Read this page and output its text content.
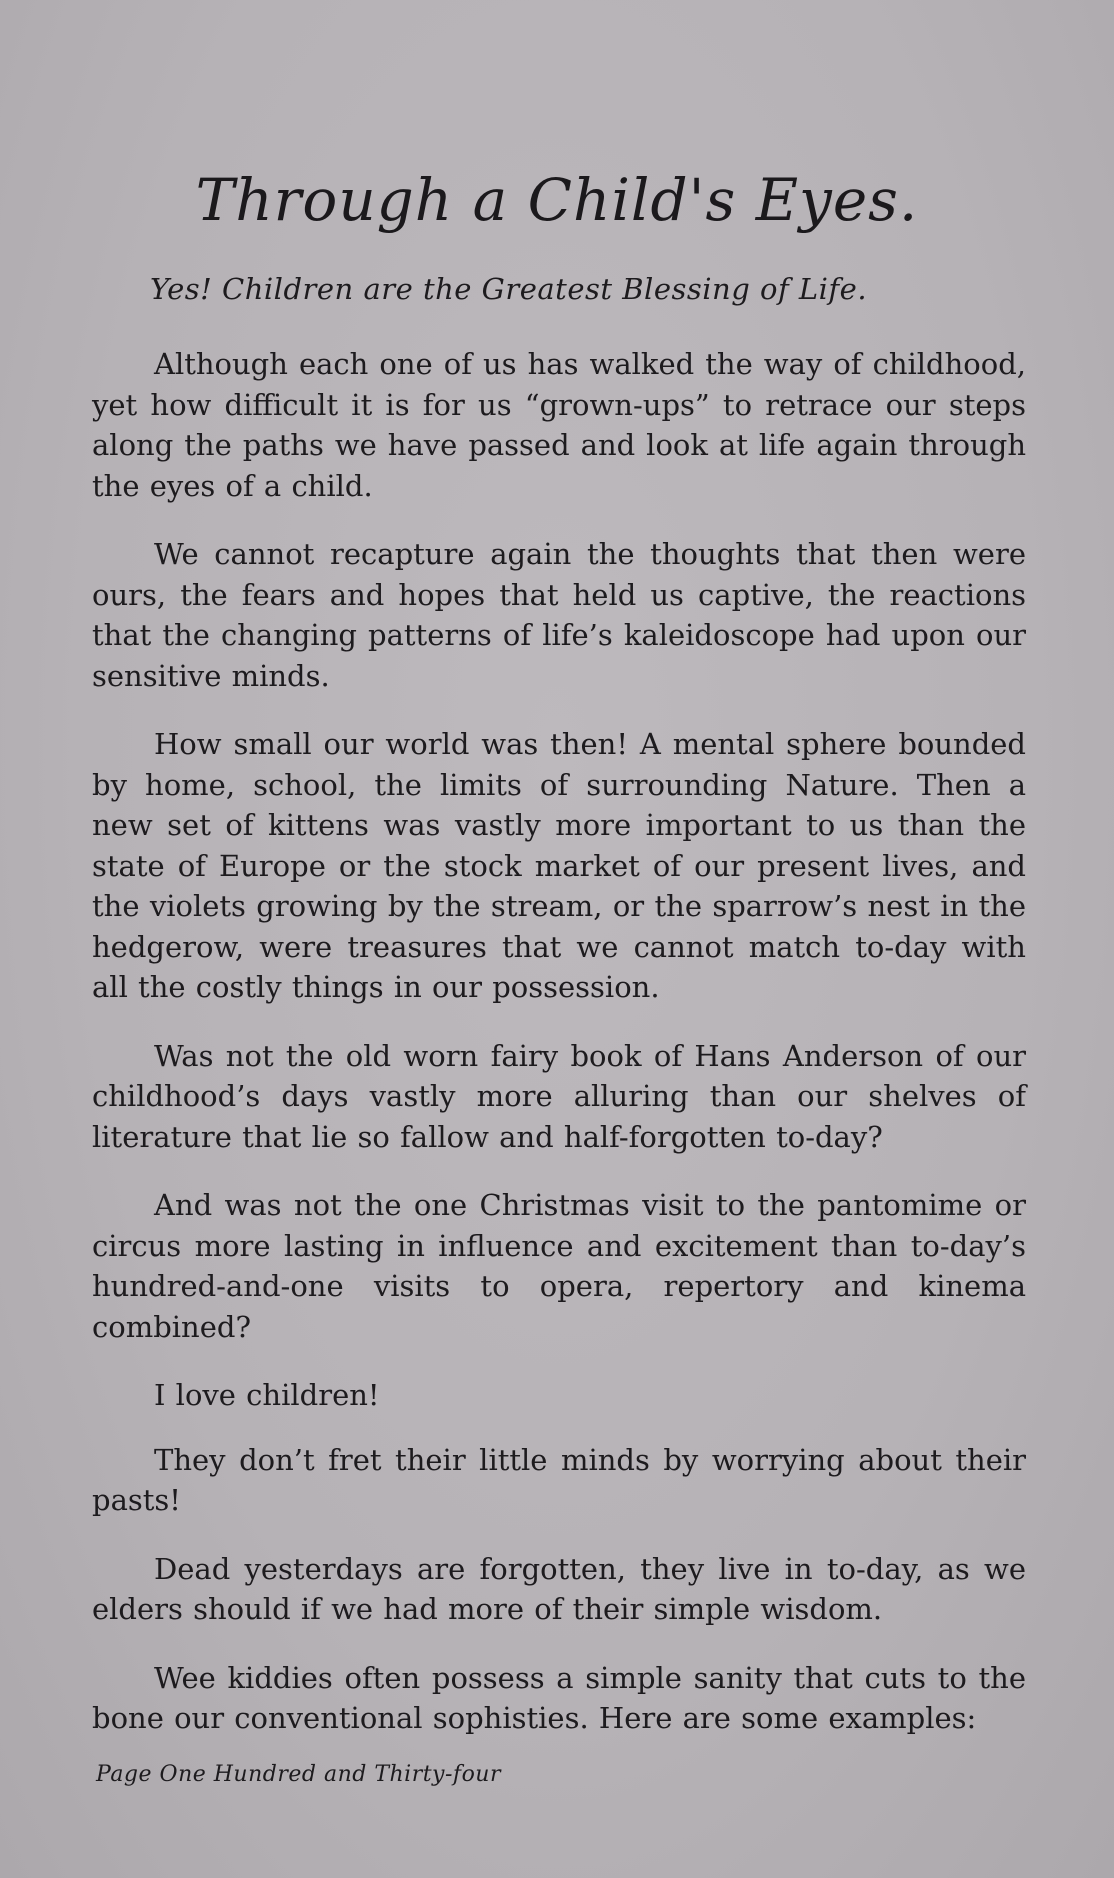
Through a Child's Eyes.
Yes! Children are the Greatest Blessing of Life.

Although each one of us has walked the way of childhood, yet how difficult it is for us “grown-ups” to retrace our steps along the paths we have passed and look at life again through the eyes of a child.

We cannot recapture again the thoughts that then were ours, the fears and hopes that held us captive, the reactions that the changing patterns of life’s kaleidoscope had upon our sensitive minds.

How small our world was then! A mental sphere bounded by home, school, the limits of surrounding Nature. Then a new set of kittens was vastly more important to us than the state of Europe or the stock market of our present lives, and the violets growing by the stream, or the sparrow’s nest in the hedgerow, were treasures that we cannot match to-day with all the costly things in our possession.

Was not the old worn fairy book of Hans Anderson of our childhood’s days vastly more alluring than our shelves of literature that lie so fallow and half-forgotten to-day?

And was not the one Christmas visit to the pantomime or circus more lasting in influence and excitement than to-day’s hundred-and-one visits to opera, repertory and kinema combined?

I love children!

They don’t fret their little minds by worrying about their pasts!

Dead yesterdays are forgotten, they live in to-day, as we elders should if we had more of their simple wisdom.

Wee kiddies often possess a simple sanity that cuts to the bone our conventional sophisties. Here are some examples:

Page One Hundred and Thirty-four
